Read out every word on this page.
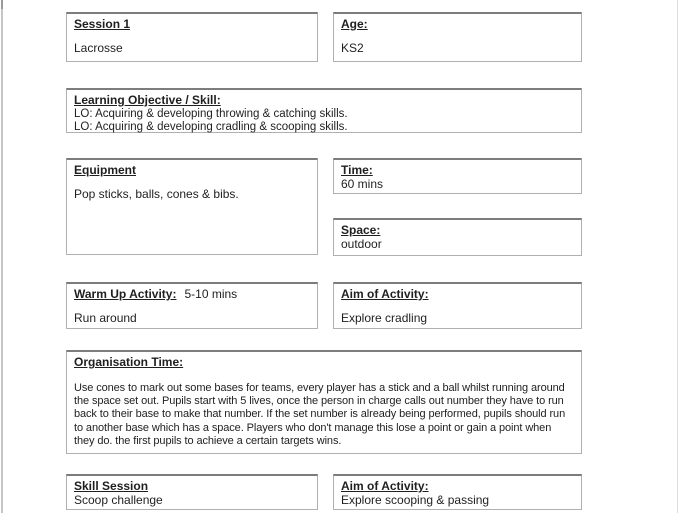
Session 1
Lacrosse
Age:
KS2
Learning Objective / Skill:
LO: Acquiring & developing throwing & catching skills.
LO: Acquiring & developing cradling & scooping skills.
Equipment
Pop sticks, balls, cones & bibs.
Time:
60 mins
Space:
outdoor
Warm Up Activity: 5-10 mins
Run around
Aim of Activity:
Explore cradling
Organisation Time:
Use cones to mark out some bases for teams, every player has a stick and a ball whilst running around the space set out. Pupils start with 5 lives, once the person in charge calls out number they have to run back to their base to make that number. If the set number is already being performed, pupils should run to another base which has a space. Players who don't manage this lose a point or gain a point when they do. the first pupils to achieve a certain targets wins.
Skill Session
Scoop challenge
Aim of Activity:
Explore scooping & passing
